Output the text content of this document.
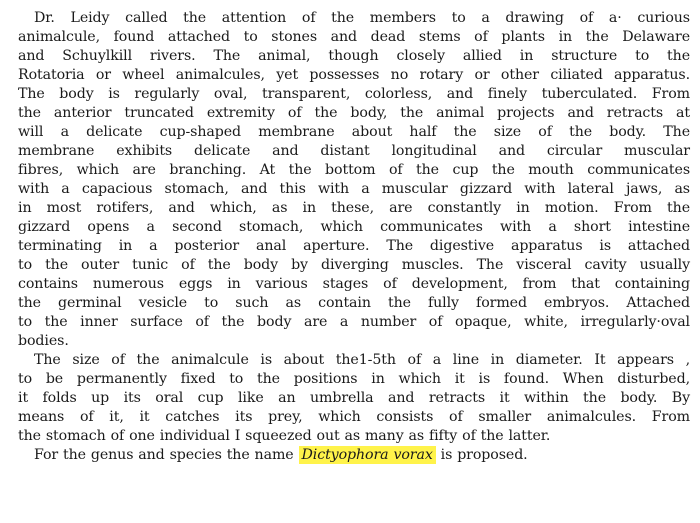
Dr. Leidy called the attention of the members to a drawing of a· curious
animalcule, found attached to stones and dead stems of plants in the Delaware
and Schuylkill rivers. The animal, though closely allied in structure to the
Rotatoria or wheel animalcules, yet possesses no rotary or other ciliated apparatus.
The body is regularly oval, transparent, colorless, and finely tuberculated. From
the anterior truncated extremity of the body, the animal projects and retracts at
will a delicate cup-shaped membrane about half the size of the body. The
membrane exhibits delicate and distant longitudinal and circular muscular
fibres, which are branching. At the bottom of the cup the mouth communicates
with a capacious stomach, and this with a muscular gizzard with lateral jaws, as
in most rotifers, and which, as in these, are constantly in motion. From the
gizzard opens a second stomach, which communicates with a short intestine
terminating in a posterior anal aperture. The digestive apparatus is attached
to the outer tunic of the body by diverging muscles. The visceral cavity usually
contains numerous eggs in various stages of development, from that containing
the germinal vesicle to such as contain the fully formed embryos. Attached
to the inner surface of the body are a number of opaque, white, irregularly·oval
bodies.
The size of the animalcule is about the1-5th of a line in diameter. It appears ,
to be permanently fixed to the positions in which it is found. When disturbed,
it folds up its oral cup like an umbrella and retracts it within the body. By
means of it, it catches its prey, which consists of smaller animalcules. From
the stomach of one individual I squeezed out as many as fifty of the latter.
For the genus and species the name Dictyophora vorax is proposed.
